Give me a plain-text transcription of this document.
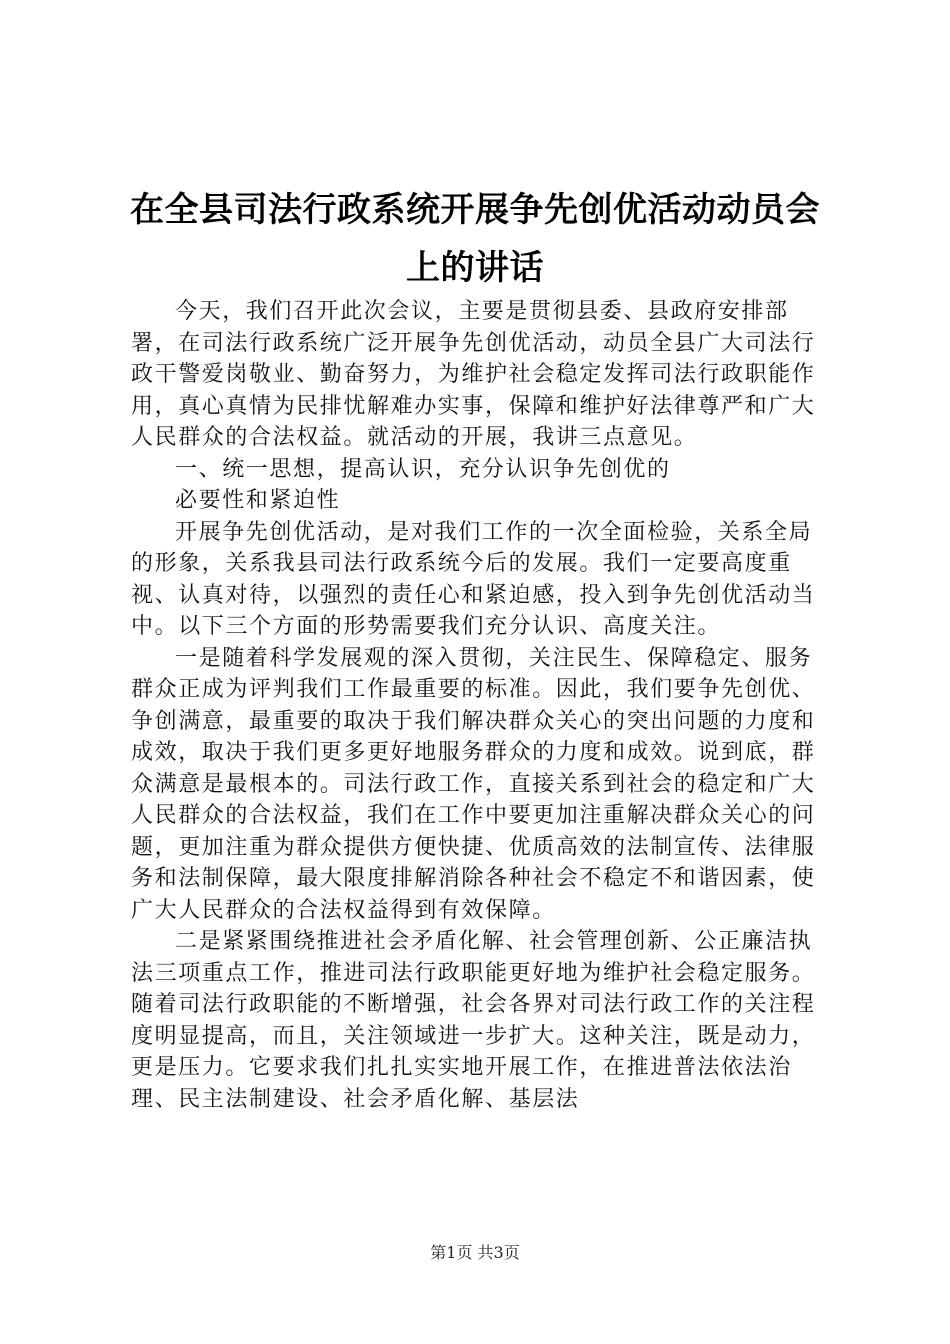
在全县司法行政系统开展争先创优活动动员会
上的讲话

今天，我们召开此次会议，主要是贯彻县委、县政府安排部署，在司法行政系统广泛开展争先创优活动，动员全县广大司法行政干警爱岗敬业、勤奋努力，为维护社会稳定发挥司法行政职能作用，真心真情为民排忧解难办实事，保障和维护好法律尊严和广大人民群众的合法权益。就活动的开展，我讲三点意见。

一、统一思想，提高认识，充分认识争先创优的

必要性和紧迫性

开展争先创优活动，是对我们工作的一次全面检验，关系全局的形象，关系我县司法行政系统今后的发展。我们一定要高度重视、认真对待，以强烈的责任心和紧迫感，投入到争先创优活动当中。以下三个方面的形势需要我们充分认识、高度关注。

一是随着科学发展观的深入贯彻，关注民生、保障稳定、服务群众正成为评判我们工作最重要的标准。因此，我们要争先创优、争创满意，最重要的取决于我们解决群众关心的突出问题的力度和成效，取决于我们更多更好地服务群众的力度和成效。说到底，群众满意是最根本的。司法行政工作，直接关系到社会的稳定和广大人民群众的合法权益，我们在工作中要更加注重解决群众关心的问题，更加注重为群众提供方便快捷、优质高效的法制宣传、法律服务和法制保障，最大限度排解消除各种社会不稳定不和谐因素，使广大人民群众的合法权益得到有效保障。

二是紧紧围绕推进社会矛盾化解、社会管理创新、公正廉洁执法三项重点工作，推进司法行政职能更好地为维护社会稳定服务。随着司法行政职能的不断增强，社会各界对司法行政工作的关注程度明显提高，而且，关注领域进一步扩大。这种关注，既是动力，更是压力。它要求我们扎扎实实地开展工作，在推进普法依法治理、民主法制建设、社会矛盾化解、基层法

第1页 共3页
